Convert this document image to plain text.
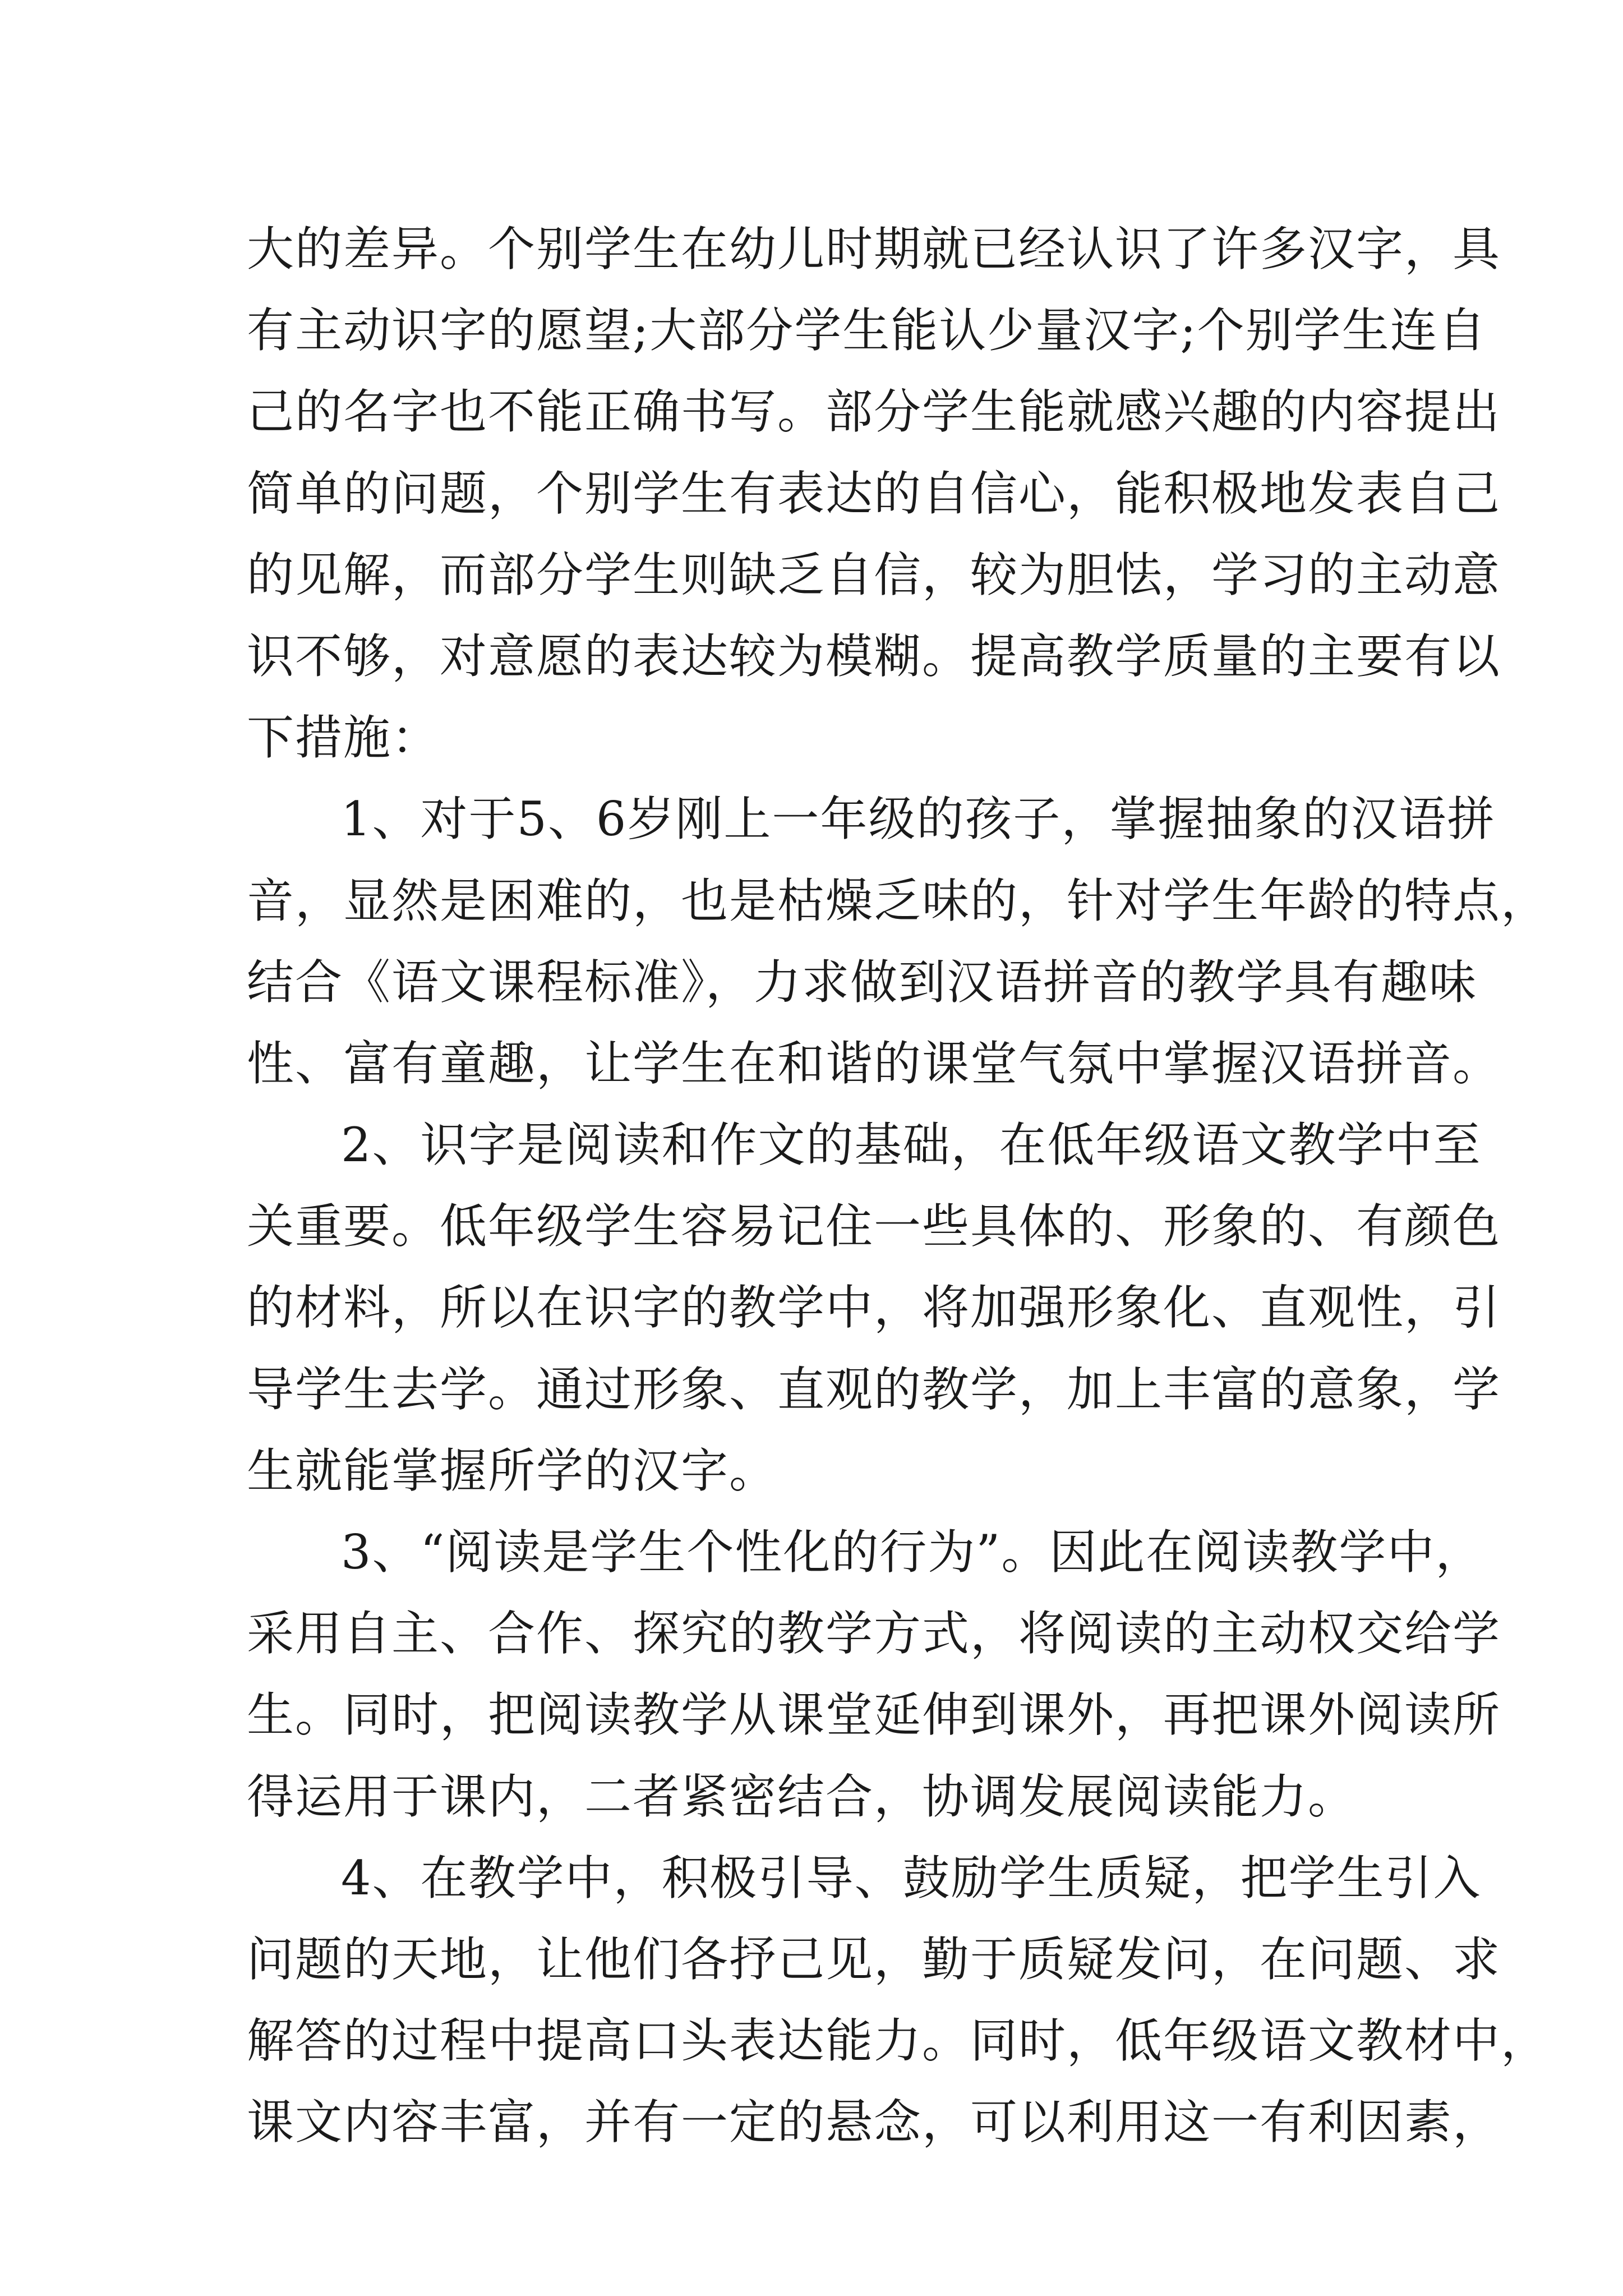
大的差异。个别学生在幼儿时期就已经认识了许多汉字，具
有主动识字的愿望;大部分学生能认少量汉字;个别学生连自
己的名字也不能正确书写。部分学生能就感兴趣的内容提出
简单的问题，个别学生有表达的自信心，能积极地发表自己
的见解，而部分学生则缺乏自信，较为胆怯，学习的主动意
识不够，对意愿的表达较为模糊。提高教学质量的主要有以
下措施：
1、对于5、6岁刚上一年级的孩子，掌握抽象的汉语拼
音，显然是困难的，也是枯燥乏味的，针对学生年龄的特点，
结合《语文课程标准》，力求做到汉语拼音的教学具有趣味
性、富有童趣，让学生在和谐的课堂气氛中掌握汉语拼音。
2、识字是阅读和作文的基础，在低年级语文教学中至
关重要。低年级学生容易记住一些具体的、形象的、有颜色
的材料，所以在识字的教学中，将加强形象化、直观性，引
导学生去学。通过形象、直观的教学，加上丰富的意象，学
生就能掌握所学的汉字。
3、“阅读是学生个性化的行为”。因此在阅读教学中，
采用自主、合作、探究的教学方式，将阅读的主动权交给学
生。同时，把阅读教学从课堂延伸到课外，再把课外阅读所
得运用于课内，二者紧密结合，协调发展阅读能力。
4、在教学中，积极引导、鼓励学生质疑，把学生引入
问题的天地，让他们各抒己见，勤于质疑发问，在问题、求
解答的过程中提高口头表达能力。同时，低年级语文教材中，
课文内容丰富，并有一定的悬念，可以利用这一有利因素，
